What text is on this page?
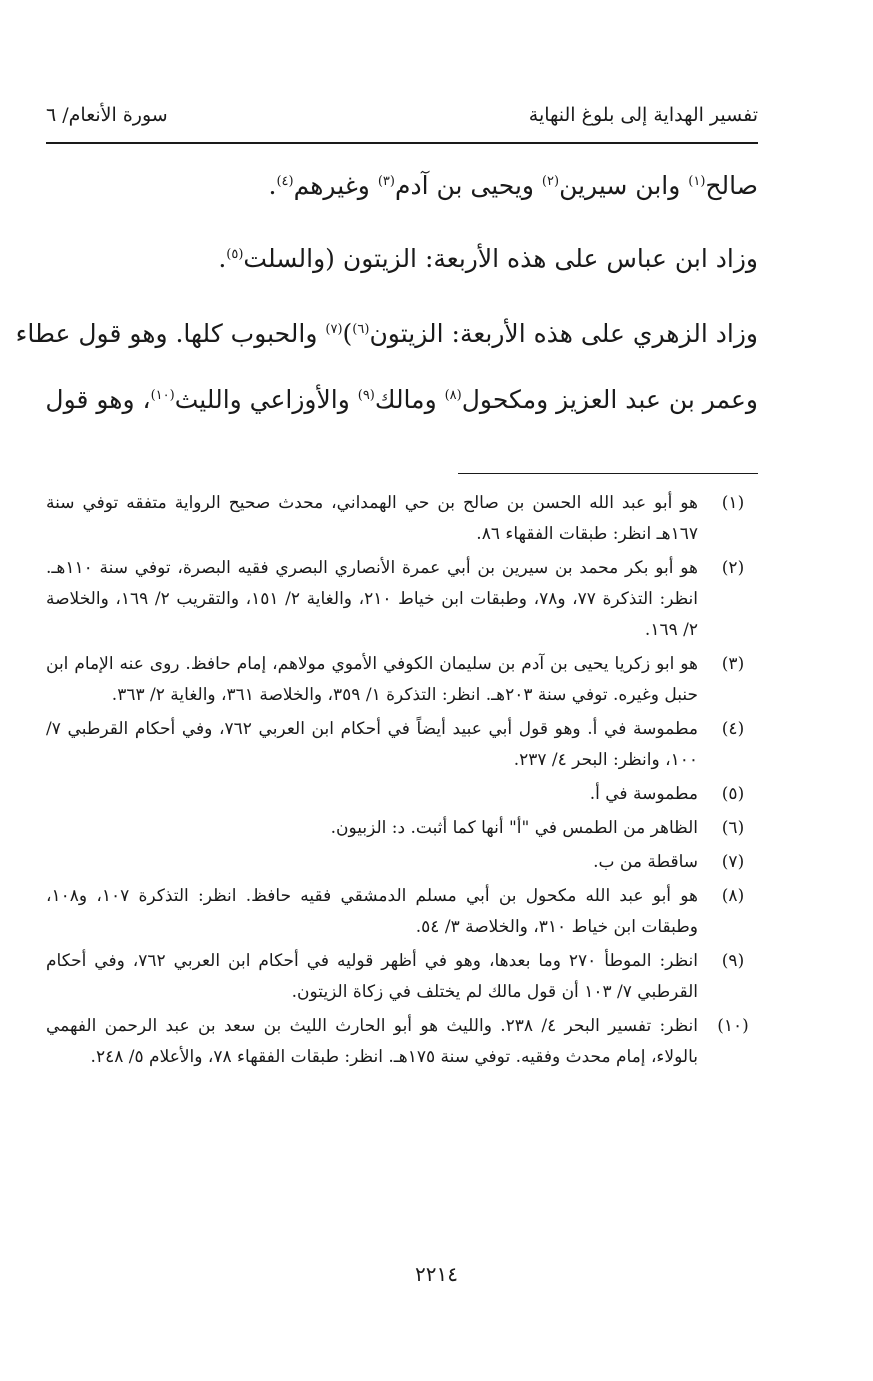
تفسير الهداية إلى بلوغ النهاية
سورة الأنعام/ ٦

صالح$^{(١)}$ وابن سيرين$^{(٢)}$ ويحيى بن آدم$^{(٣)}$ وغيرهم$^{(٤)}$.

وزاد ابن عباس على هذه الأربعة: الزيتون (والسلت$^{(٥)}$.

وزاد الزهري على هذه الأربعة: الزيتون$^{(٦)}$)$^{(٧)}$ والحبوب كلها. وهو قول عطاء

وعمر بن عبد العزيز ومكحول$^{(٨)}$ ومالك$^{(٩)}$ والأوزاعي والليث$^{(١٠)}$، وهو قول

(١)
هو أبو عبد الله الحسن بن صالح بن حي الهمداني، محدث صحيح الرواية متفقه توفي سنة ١٦٧هـ انظر: طبقات الفقهاء ٨٦.
(٢)
هو أبو بكر محمد بن سيرين بن أبي عمرة الأنصاري البصري فقيه البصرة، توفي سنة ١١٠هـ. انظر: التذكرة ٧٧، و٧٨، وطبقات ابن خياط ٢١٠، والغاية ٢/ ١٥١، والتقريب ٢/ ١٦٩، والخلاصة ٢/ ١٦٩.
(٣)
هو ابو زكريا يحيى بن آدم بن سليمان الكوفي الأموي مولاهم، إمام حافظ. روى عنه الإمام ابن حنبل وغيره. توفي سنة ٢٠٣هـ. انظر: التذكرة ١/ ٣٥٩، والخلاصة ٣٦١، والغاية ٢/ ٣٦٣.
(٤)
مطموسة في أ. وهو قول أبي عبيد أيضاً في أحكام ابن العربي ٧٦٢، وفي أحكام القرطبي ٧/ ١٠٠، وانظر: البحر ٤/ ٢٣٧.
(٥)
مطموسة في أ.
(٦)
الظاهر من الطمس في "أ" أنها كما أثبت. د: الزبيون.
(٧)
ساقطة من ب.
(٨)
هو أبو عبد الله مكحول بن أبي مسلم الدمشقي فقيه حافظ. انظر: التذكرة ١٠٧، و١٠٨، وطبقات ابن خياط ٣١٠، والخلاصة ٣/ ٥٤.
(٩)
انظر: الموطأ ٢٧٠ وما بعدها، وهو في أظهر قوليه في أحكام ابن العربي ٧٦٢، وفي أحكام القرطبي ٧/ ١٠٣ أن قول مالك لم يختلف في زكاة الزيتون.
(١٠)
انظر: تفسير البحر ٤/ ٢٣٨. والليث هو أبو الحارث الليث بن سعد بن عبد الرحمن الفهمي بالولاء، إمام محدث وفقيه. توفي سنة ١٧٥هـ. انظر: طبقات الفقهاء ٧٨، والأعلام ٥/ ٢٤٨.
٢٢١٤
